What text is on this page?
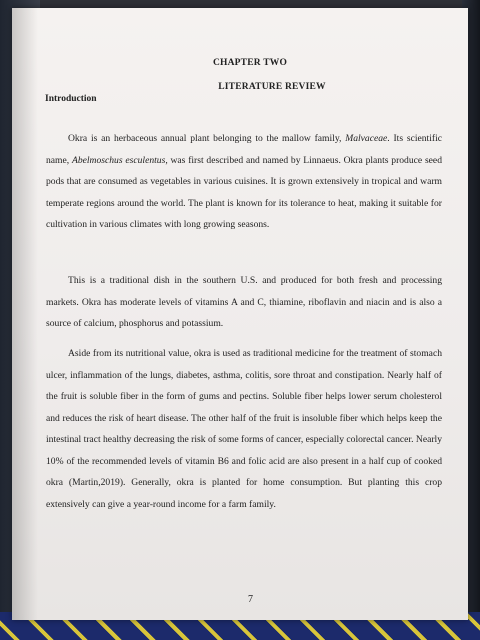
CHAPTER TWO
LITERATURE REVIEW
Introduction

Okra is an herbaceous annual plant belonging to the mallow family, Malvaceae. Its scientific name, Abelmoschus esculentus, was first described and named by Linnaeus. Okra plants produce seed pods that are consumed as vegetables in various cuisines. It is grown extensively in tropical and warm temperate regions around the world. The plant is known for its tolerance to heat, making it suitable for cultivation in various climates with long growing seasons.

This is a traditional dish in the southern U.S. and produced for both fresh and processing markets. Okra has moderate levels of vitamins A and C, thiamine, riboflavin and niacin and is also a source of calcium, phosphorus and potassium.

Aside from its nutritional value, okra is used as traditional medicine for the treatment of stomach ulcer, inflammation of the lungs, diabetes, asthma, colitis, sore throat and constipation. Nearly half of the fruit is soluble fiber in the form of gums and pectins. Soluble fiber helps lower serum cholesterol and reduces the risk of heart disease. The other half of the fruit is insoluble fiber which helps keep the intestinal tract healthy decreasing the risk of some forms of cancer, especially colorectal cancer. Nearly 10% of the recommended levels of vitamin B6 and folic acid are also present in a half cup of cooked okra (Martin,2019). Generally, okra is planted for home consumption. But planting this crop extensively can give a year-round income for a farm family.

7
